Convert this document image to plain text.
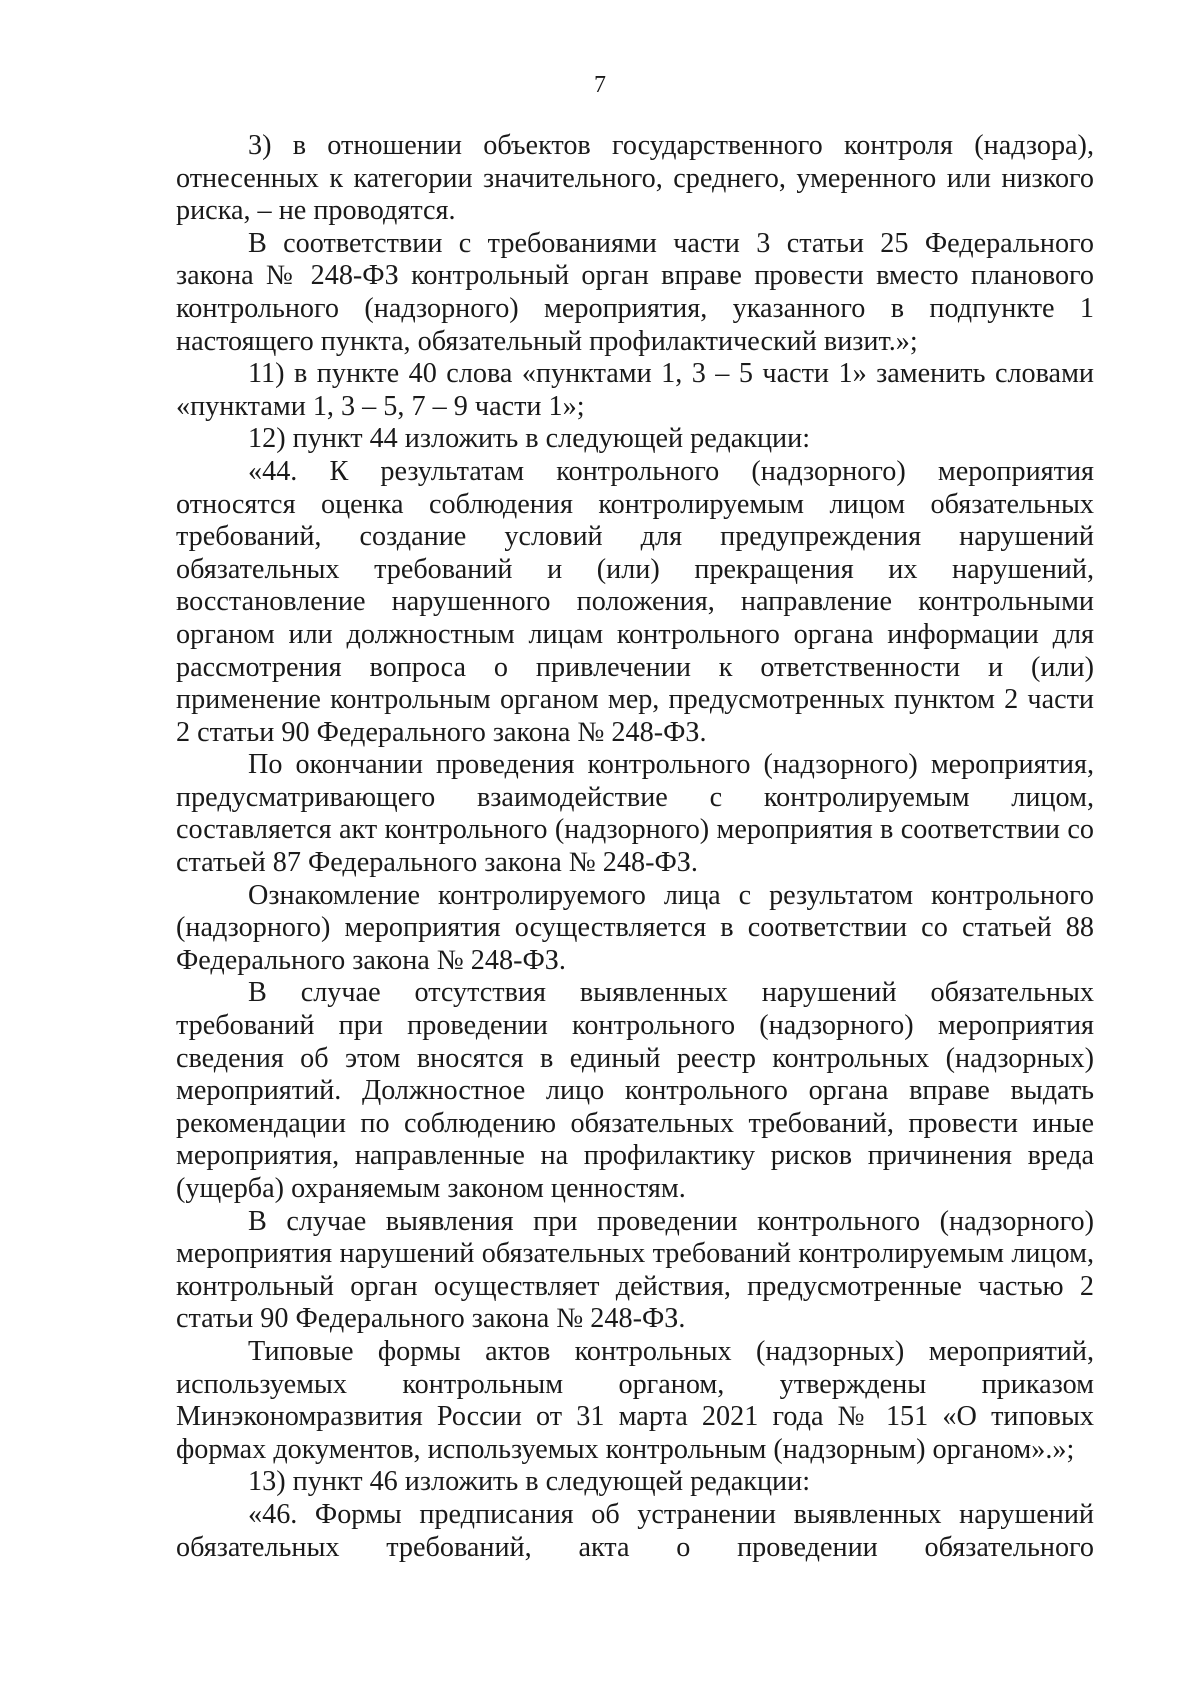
7

3) в отношении объектов государственного контроля (надзора), отнесенных к категории значительного, среднего, умеренного или низкого риска, – не проводятся.

В соответствии с требованиями части 3 статьи 25 Федерального закона № 248-ФЗ контрольный орган вправе провести вместо планового контрольного (надзорного) мероприятия, указанного в подпункте 1 настоящего пункта, обязательный профилактический визит.»;

11) в пункте 40 слова «пунктами 1, 3 – 5 части 1» заменить словами «пунктами 1, 3 – 5, 7 – 9 части 1»;

12) пункт 44 изложить в следующей редакции:

«44. К результатам контрольного (надзорного) мероприятия относятся оценка соблюдения контролируемым лицом обязательных требований, создание условий для предупреждения нарушений обязательных требований и (или) прекращения их нарушений, восстановление нарушенного положения, направление контрольными органом или должностным лицам контрольного органа информации для рассмотрения вопроса о привлечении к ответственности и (или) применение контрольным органом мер, предусмотренных пунктом 2 части 2 статьи 90 Федерального закона № 248-ФЗ.

По окончании проведения контрольного (надзорного) мероприятия, предусматривающего взаимодействие с контролируемым лицом, составляется акт контрольного (надзорного) мероприятия в соответствии со статьей 87 Федерального закона № 248-ФЗ.

Ознакомление контролируемого лица с результатом контрольного (надзорного) мероприятия осуществляется в соответствии со статьей 88 Федерального закона № 248-ФЗ.

В случае отсутствия выявленных нарушений обязательных требований при проведении контрольного (надзорного) мероприятия сведения об этом вносятся в единый реестр контрольных (надзорных) мероприятий. Должностное лицо контрольного органа вправе выдать рекомендации по соблюдению обязательных требований, провести иные мероприятия, направленные на профилактику рисков причинения вреда (ущерба) охраняемым законом ценностям.

В случае выявления при проведении контрольного (надзорного) мероприятия нарушений обязательных требований контролируемым лицом, контрольный орган осуществляет действия, предусмотренные частью 2 статьи 90 Федерального закона № 248-ФЗ.

Типовые формы актов контрольных (надзорных) мероприятий, используемых контрольным органом, утверждены приказом Минэкономразвития России от 31 марта 2021 года № 151 «О типовых формах документов, используемых контрольным (надзорным) органом».»;

13) пункт 46 изложить в следующей редакции:

«46. Формы предписания об устранении выявленных нарушений обязательных требований, акта о проведении обязательного
